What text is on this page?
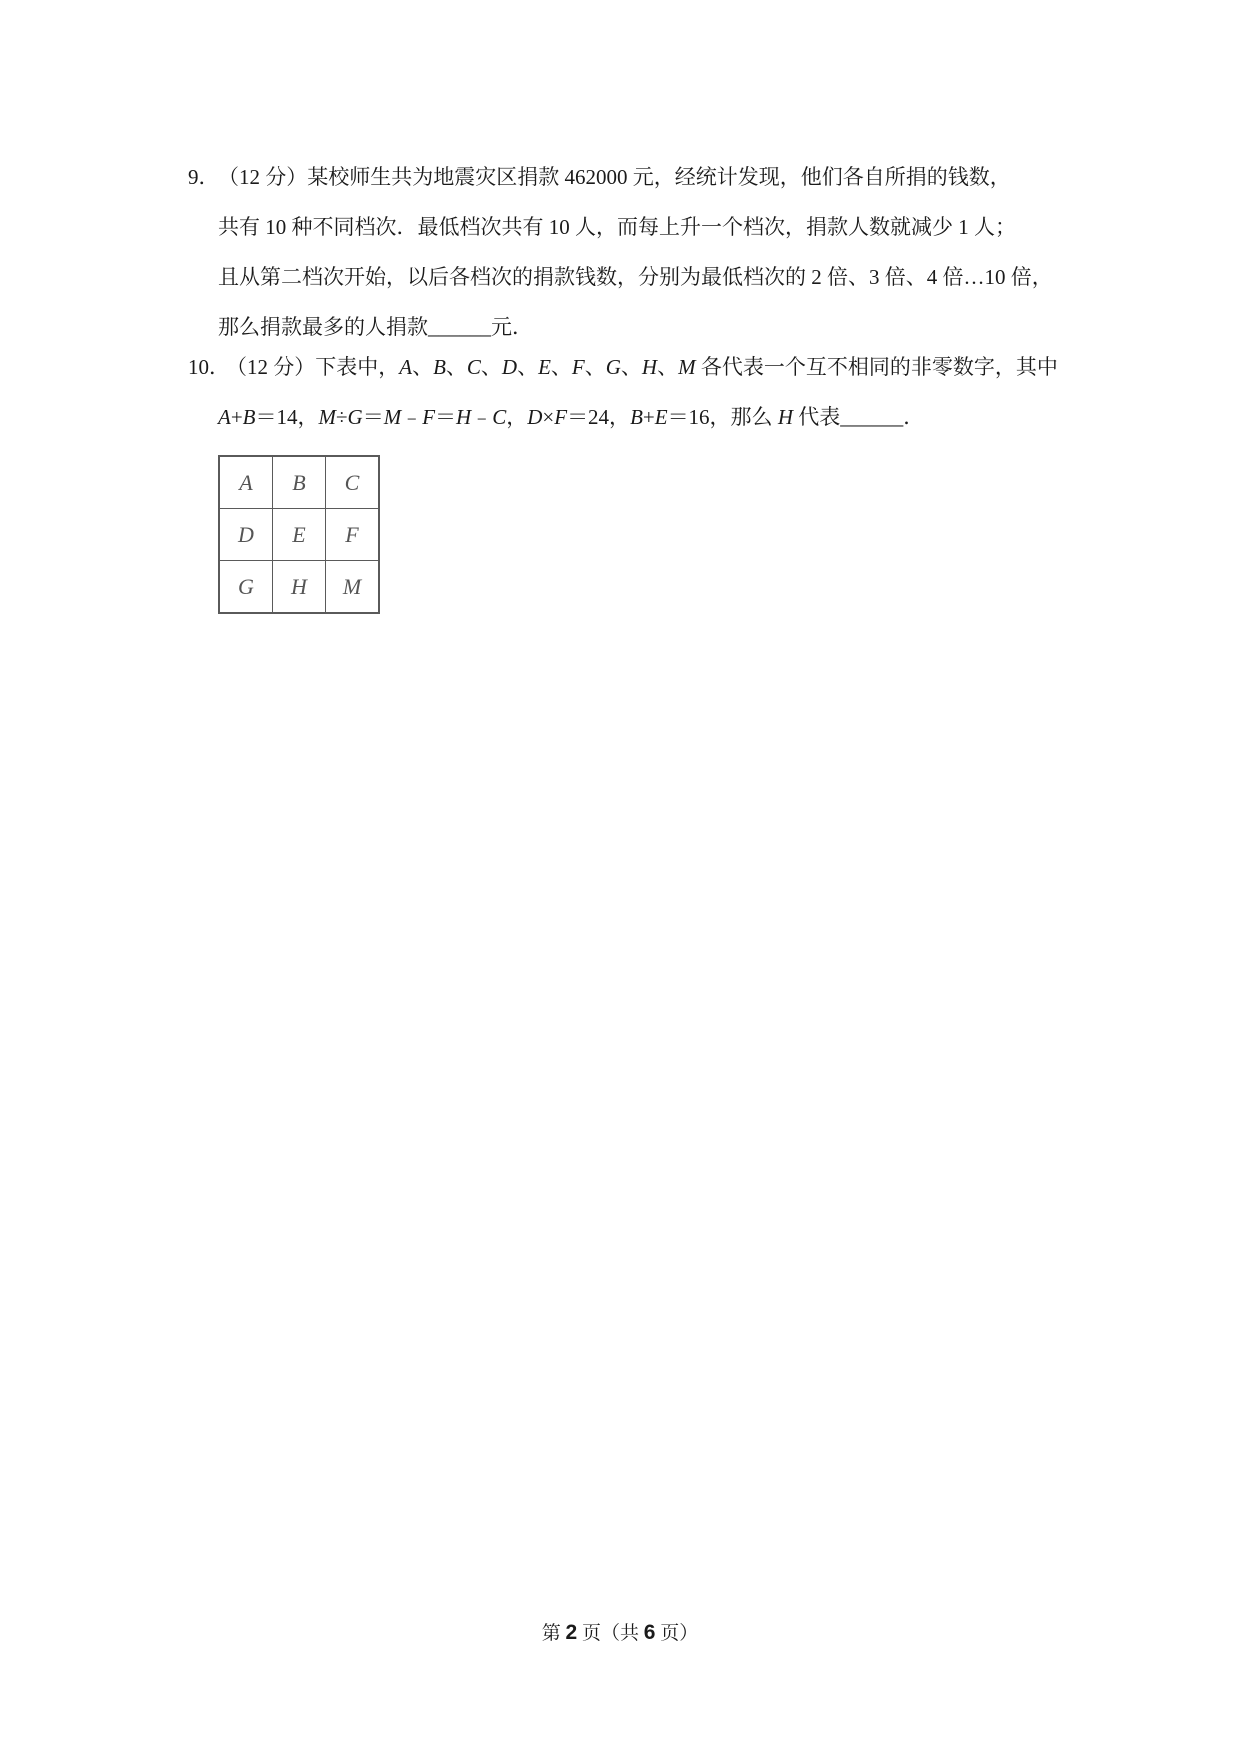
9．
（12 分）某校师生共为地震灾区捐款 462000 元，经统计发现，他们各自所捐的钱数，
共有 10 种不同档次．最低档次共有 10 人，而每上升一个档次，捐款人数就减少 1 人；
且从第二档次开始，以后各档次的捐款钱数，分别为最低档次的 2 倍、3 倍、4 倍…10 倍，
那么捐款最多的人捐款______元．
10．
（12 分）下表中，A、B、C、D、E、F、G、H、M 各代表一个互不相同的非零数字，其中
A+B＝14，M÷G＝M﹣F＝H﹣C，D×F＝24，B+E＝16，那么 H 代表______．
A	B	C
D	E	F
G	H	M
第 2 页（共 6 页）
